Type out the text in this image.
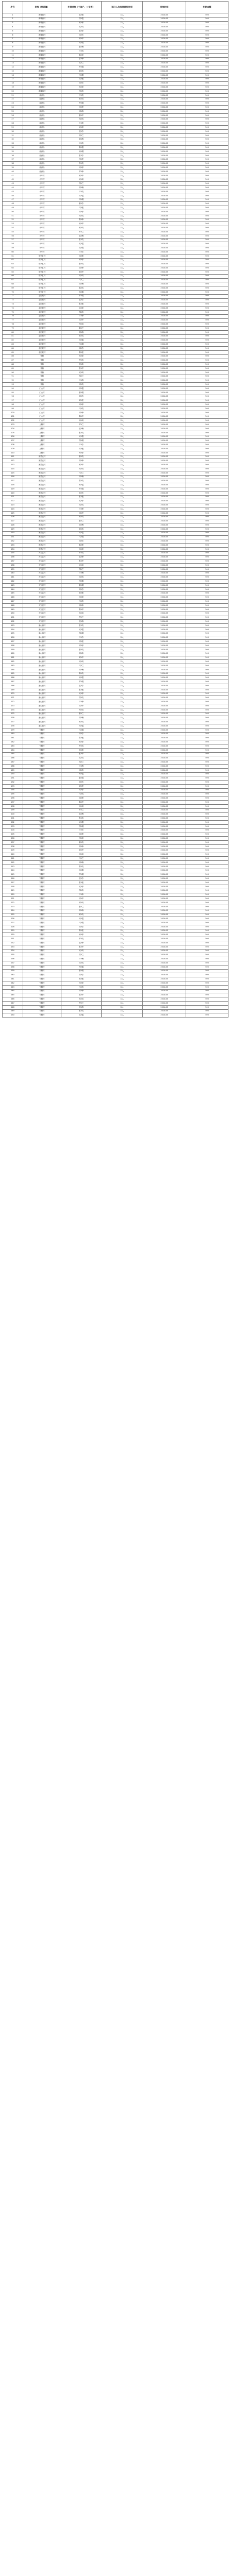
序号	发放（村委镇）	补偿对象（个体户、公司等）	（部分人为有共同权共有）	发放时间	补助金额
1	新城镇村	范X蓉	本人	2024-06	500
2	新城镇村	郑X霞	本人	2024-06	500
3	新城镇村	黄X林	本人	2024-06	500
4	新城镇村	吴X凤	本人	2024-06	500
5	新城镇村	梁X萍	本人	2024-06	500
6	新城镇村	邓X芳	本人	2024-06	500
7	新城镇村	钟X华	本人	2024-06	500
8	新城镇村	何X娟	本人	2024-06	500
9	新城镇村	谢X梅	本人	2024-06	500
10	新城镇村	卢X英	本人	2024-06	500
11	新城镇村	陈X萍	本人	2024-06	500
12	新城镇村	蔡X珍	本人	2024-06	500
13	新城镇村	吴X兰	本人	2024-06	500
14	新城镇村	罗X娟	本人	2024-06	500
15	新城镇村	黄X英	本人	2024-06	500
16	新城镇村	马X霞	本人	2024-06	500
17	新城镇村	郑X莲	本人	2024-06	500
18	新城镇村	林X芳	本人	2024-06	500
19	新城镇村	杨X萍	本人	2024-06	500
20	新城镇村	钟X英	本人	2024-06	500
21	南洲山	卢X英	本人	2024-06	500
22	南洲山	黄X凤	本人	2024-06	500
23	南洲山	罗X娟	本人	2024-06	500
24	南洲山	何X莲	本人	2024-06	500
25	南洲山	邓X梅	本人	2024-06	500
26	南洲山	谢X华	本人	2024-06	500
27	南洲山	郑X英	本人	2024-06	500
28	南洲山	王X珍	本人	2024-06	500
29	南洲山	吴X萍	本人	2024-06	500
30	南洲山	范X芳	本人	2024-06	500
31	南洲山	刘X兰	本人	2024-06	500
32	南洲山	黄X梅	本人	2024-06	500
33	南洲山	叶X英	本人	2024-06	500
34	南洲山	陈X霞	本人	2024-06	500
35	南洲山	杨X娟	本人	2024-06	500
36	南洲山	张X芳	本人	2024-06	500
37	南洲山	钟X莲	本人	2024-06	500
38	南洲山	李X英	本人	2024-06	500
39	南洲山	何X萍	本人	2024-06	500
40	南洲山	罗X珍	本人	2024-06	500
41	小车村	黄X华	本人	2024-06	500
42	小车村	吴X凤	本人	2024-06	500
43	小车村	郑X兰	本人	2024-06	500
44	小车村	刘X梅	本人	2024-06	500
45	小车村	卢X英	本人	2024-06	500
46	小车村	邓X霞	本人	2024-06	500
47	小车村	钟X娟	本人	2024-06	500
48	小车村	谢X芳	本人	2024-06	500
49	小车村	马X莲	本人	2024-06	500
50	小车村	林X萍	本人	2024-06	500
51	小车村	何X英	本人	2024-06	500
52	小车村	陈X珍	本人	2024-06	500
53	小车村	杨X华	本人	2024-06	500
54	小车村	黄X凤	本人	2024-06	500
55	小车村	罗X兰	本人	2024-06	500
56	小车村	范X梅	本人	2024-06	500
57	小车村	张X英	本人	2024-06	500
58	小车村	吴X霞	本人	2024-06	500
59	小车村	郑X娟	本人	2024-06	500
60	小车村	卢X芳	本人	2024-06	500
61	伟家汇村	邓X莲	本人	2024-06	500
62	伟家汇村	钟X萍	本人	2024-06	500
63	伟家汇村	谢X英	本人	2024-06	500
64	伟家汇村	刘X珍	本人	2024-06	500
65	伟家汇村	黄X华	本人	2024-06	500
66	伟家汇村	何X凤	本人	2024-06	500
67	伟家汇村	马X兰	本人	2024-06	500
68	伟家汇村	林X梅	本人	2024-06	500
69	伟家汇村	陈X英	本人	2024-06	500
70	伟家汇村	杨X霞	本人	2024-06	500
71	金田坡村	罗X娟	本人	2024-06	500
72	金田坡村	范X芳	本人	2024-06	500
73	金田坡村	张X莲	本人	2024-06	500
74	金田坡村	吴X萍	本人	2024-06	500
75	金田坡村	郑X英	本人	2024-06	500
76	金田坡村	卢X珍	本人	2024-06	500
77	金田坡村	邓X华	本人	2024-06	500
78	金田坡村	钟X凤	本人	2024-06	500
79	金田坡村	谢X兰	本人	2024-06	500
80	金田坡村	刘X梅	本人	2024-06	500
81	金田坡村	黄X英	本人	2024-06	500
82	金田坡村	何X霞	本人	2024-06	500
83	金田坡村	马X娟	本人	2024-06	500
84	金田坡村	林X芳	本人	2024-06	500
85	金田坡村	陈X莲	本人	2024-06	500
86	芽楠	杨X萍	本人	2024-06	500
87	芽楠	罗X英	本人	2024-06	500
88	芽楠	范X珍	本人	2024-06	500
89	芽楠	张X华	本人	2024-06	500
90	芽楠	吴X凤	本人	2024-06	500
91	芽楠	郑X兰	本人	2024-06	500
92	芽楠	卢X梅	本人	2024-06	500
93	芽楠	邓X英	本人	2024-06	500
94	门山村	钟X霞	本人	2024-06	500
95	门山村	谢X娟	本人	2024-06	500
96	门山村	刘X芳	本人	2024-06	500
97	门山村	黄X莲	本人	2024-06	500
98	门山村	何X萍	本人	2024-06	500
99	门山村	马X英	本人	2024-06	500
100	门山村	林X珍	本人	2024-06	500
101	门山村	陈X华	本人	2024-06	500
102	门山村	杨X凤	本人	2024-06	500
103	上腾村	罗X兰	本人	2024-06	500
104	上腾村	范X梅	本人	2024-06	500
105	上腾村	张X英	本人	2024-06	500
106	上腾村	吴X霞	本人	2024-06	500
107	上腾村	郑X娟	本人	2024-06	500
108	上腾村	卢X芳	本人	2024-06	500
109	上腾村	邓X莲	本人	2024-06	500
110	上腾村	钟X萍	本人	2024-06	500
111	团星农村	谢X英	本人	2024-06	500
112	团星农村	刘X珍	本人	2024-06	500
113	团星农村	黄X华	本人	2024-06	500
114	团星农村	何X凤	本人	2024-06	500
115	团星农村	马X兰	本人	2024-06	500
116	团星农村	林X梅	本人	2024-06	500
117	团星农村	陈X英	本人	2024-06	500
118	团星农村	杨X霞	本人	2024-06	500
119	团星农村	罗X娟	本人	2024-06	500
120	团星农村	范X芳	本人	2024-06	500
121	团星农村	张X莲	本人	2024-06	500
122	团星农村	吴X萍	本人	2024-06	500
123	团星农村	郑X英	本人	2024-06	500
124	团星农村	卢X珍	本人	2024-06	500
125	团星农村	邓X华	本人	2024-06	500
126	团星农村	钟X凤	本人	2024-06	500
127	团星农村	谢X兰	本人	2024-06	500
128	团星农村	刘X梅	本人	2024-06	500
129	团星农村	黄X英	本人	2024-06	500
130	团星农村	何X霞	本人	2024-06	500
131	团星农村	马X娟	本人	2024-06	500
132	团星农村	林X芳	本人	2024-06	500
133	团星农村	陈X莲	本人	2024-06	500
134	团星农村	杨X萍	本人	2024-06	500
135	天宝富村	罗X英	本人	2024-06	500
136	天宝富村	范X珍	本人	2024-06	500
137	天宝富村	张X华	本人	2024-06	500
138	天宝富村	吴X凤	本人	2024-06	500
139	天宝富村	郑X兰	本人	2024-06	500
140	天宝富村	卢X梅	本人	2024-06	500
141	天宝富村	邓X英	本人	2024-06	500
142	天宝富村	钟X霞	本人	2024-06	500
143	天宝富村	谢X娟	本人	2024-06	500
144	天宝富村	刘X芳	本人	2024-06	500
145	天宝富村	黄X莲	本人	2024-06	500
146	天宝富村	何X萍	本人	2024-06	500
147	天宝富村	马X英	本人	2024-06	500
148	天宝富村	林X珍	本人	2024-06	500
149	天宝富村	陈X华	本人	2024-06	500
150	天宝富村	杨X凤	本人	2024-06	500
151	天宝富村	罗X兰	本人	2024-06	500
152	天宝富村	范X梅	本人	2024-06	500
153	朋山镇村	张X英	本人	2024-06	500
154	朋山镇村	吴X霞	本人	2024-06	500
155	朋山镇村	郑X娟	本人	2024-06	500
156	朋山镇村	卢X芳	本人	2024-06	500
157	朋山镇村	邓X莲	本人	2024-06	500
158	朋山镇村	钟X萍	本人	2024-06	500
159	朋山镇村	谢X英	本人	2024-06	500
160	朋山镇村	刘X珍	本人	2024-06	500
161	朋山镇村	黄X华	本人	2024-06	500
162	朋山镇村	何X凤	本人	2024-06	500
163	朋山镇村	马X兰	本人	2024-06	500
164	朋山镇村	林X梅	本人	2024-06	500
165	朋山镇村	陈X英	本人	2024-06	500
166	朋山镇村	杨X霞	本人	2024-06	500
167	朋山镇村	罗X娟	本人	2024-06	500
168	朋山镇村	范X芳	本人	2024-06	500
169	朋山镇村	张X莲	本人	2024-06	500
170	朋山镇村	吴X萍	本人	2024-06	500
171	朋山镇村	郑X英	本人	2024-06	500
172	朋山镇村	卢X珍	本人	2024-06	500
173	朋山镇村	邓X华	本人	2024-06	500
174	朋山镇村	钟X凤	本人	2024-06	500
175	朋山镇村	谢X兰	本人	2024-06	500
176	朋山镇村	刘X梅	本人	2024-06	500
177	朋山镇村	黄X英	本人	2024-06	500
178	朋山镇村	何X霞	本人	2024-06	500
179	宁腾村	马X娟	本人	2024-06	500
180	宁腾村	林X芳	本人	2024-06	500
181	宁腾村	陈X莲	本人	2024-06	500
182	宁腾村	杨X萍	本人	2024-06	500
183	宁腾村	罗X英	本人	2024-06	500
184	宁腾村	范X珍	本人	2024-06	500
185	宁腾村	张X华	本人	2024-06	500
186	宁腾村	吴X凤	本人	2024-06	500
187	宁腾村	郑X兰	本人	2024-06	500
188	宁腾村	卢X梅	本人	2024-06	500
189	宁腾村	邓X英	本人	2024-06	500
190	宁腾村	钟X霞	本人	2024-06	500
191	宁腾村	谢X娟	本人	2024-06	500
192	宁腾村	刘X芳	本人	2024-06	500
193	宁腾村	黄X莲	本人	2024-06	500
194	宁腾村	何X萍	本人	2024-06	500
195	宁腾村	马X英	本人	2024-06	500
196	宁腾村	林X珍	本人	2024-06	500
197	宁腾村	陈X华	本人	2024-06	500
198	宁腾村	杨X凤	本人	2024-06	500
199	宁腾村	罗X兰	本人	2024-06	500
200	宁腾村	范X梅	本人	2024-06	500
201	宁腾村	张X英	本人	2024-06	500
202	宁腾村	吴X霞	本人	2024-06	500
203	宁腾村	郑X娟	本人	2024-06	500
204	宁腾村	卢X芳	本人	2024-06	500
205	宁腾村	邓X莲	本人	2024-06	500
206	宁腾村	钟X萍	本人	2024-06	500
207	宁腾村	谢X英	本人	2024-06	500
208	宁腾村	刘X珍	本人	2024-06	500
209	宁腾村	黄X华	本人	2024-06	500
210	宁腾村	何X凤	本人	2024-06	500
211	宁腾村	马X兰	本人	2024-06	500
212	宁腾村	林X梅	本人	2024-06	500
213	宁腾村	陈X英	本人	2024-06	500
214	宁腾村	杨X霞	本人	2024-06	500
215	宁腾村	罗X娟	本人	2024-06	500
216	宁腾村	范X芳	本人	2024-06	500
217	宁腾村	张X莲	本人	2024-06	500
218	宁腾村	吴X萍	本人	2024-06	500
219	宁腾村	郑X英	本人	2024-06	500
220	宁腾村	卢X珍	本人	2024-06	500
221	宁腾村	邓X华	本人	2024-06	500
222	宁腾村	钟X凤	本人	2024-06	500
223	宁腾村	谢X兰	本人	2024-06	500
224	宁腾村	刘X梅	本人	2024-06	500
225	宁腾村	黄X英	本人	2024-06	500
226	宁腾村	何X霞	本人	2024-06	500
227	宁腾村	马X娟	本人	2024-06	500
228	宁腾村	林X芳	本人	2024-06	500
229	宁腾村	陈X莲	本人	2024-06	500
230	宁腾村	杨X萍	本人	2024-06	500
231	宁腾村	罗X英	本人	2024-06	500
232	宁腾村	范X珍	本人	2024-06	500
233	宁腾村	张X华	本人	2024-06	500
234	宁腾村	吴X凤	本人	2024-06	500
235	宁腾村	郑X兰	本人	2024-06	500
236	宁腾村	卢X梅	本人	2024-06	500
237	宁腾村	邓X英	本人	2024-06	500
238	宁腾村	钟X霞	本人	2024-06	500
239	宁腾村	谢X娟	本人	2024-06	500
240	宁腾村	刘X芳	本人	2024-06	500
241	宁腾村	黄X莲	本人	2024-06	500
242	宁腾村	何X萍	本人	2024-06	500
243	宁腾村	马X英	本人	2024-06	500
244	宁腾村	林X珍	本人	2024-06	500
245	宁腾村	陈X华	本人	2024-06	500
246	宁腾村	杨X凤	本人	2024-06	500
247	宁腾村	罗X兰	本人	2024-06	500
248	宁腾村	范X梅	本人	2024-06	500
249	宁腾村	张X英	本人	2024-06	500
250	宁腾村	吴X霞	本人	2024-06	500
